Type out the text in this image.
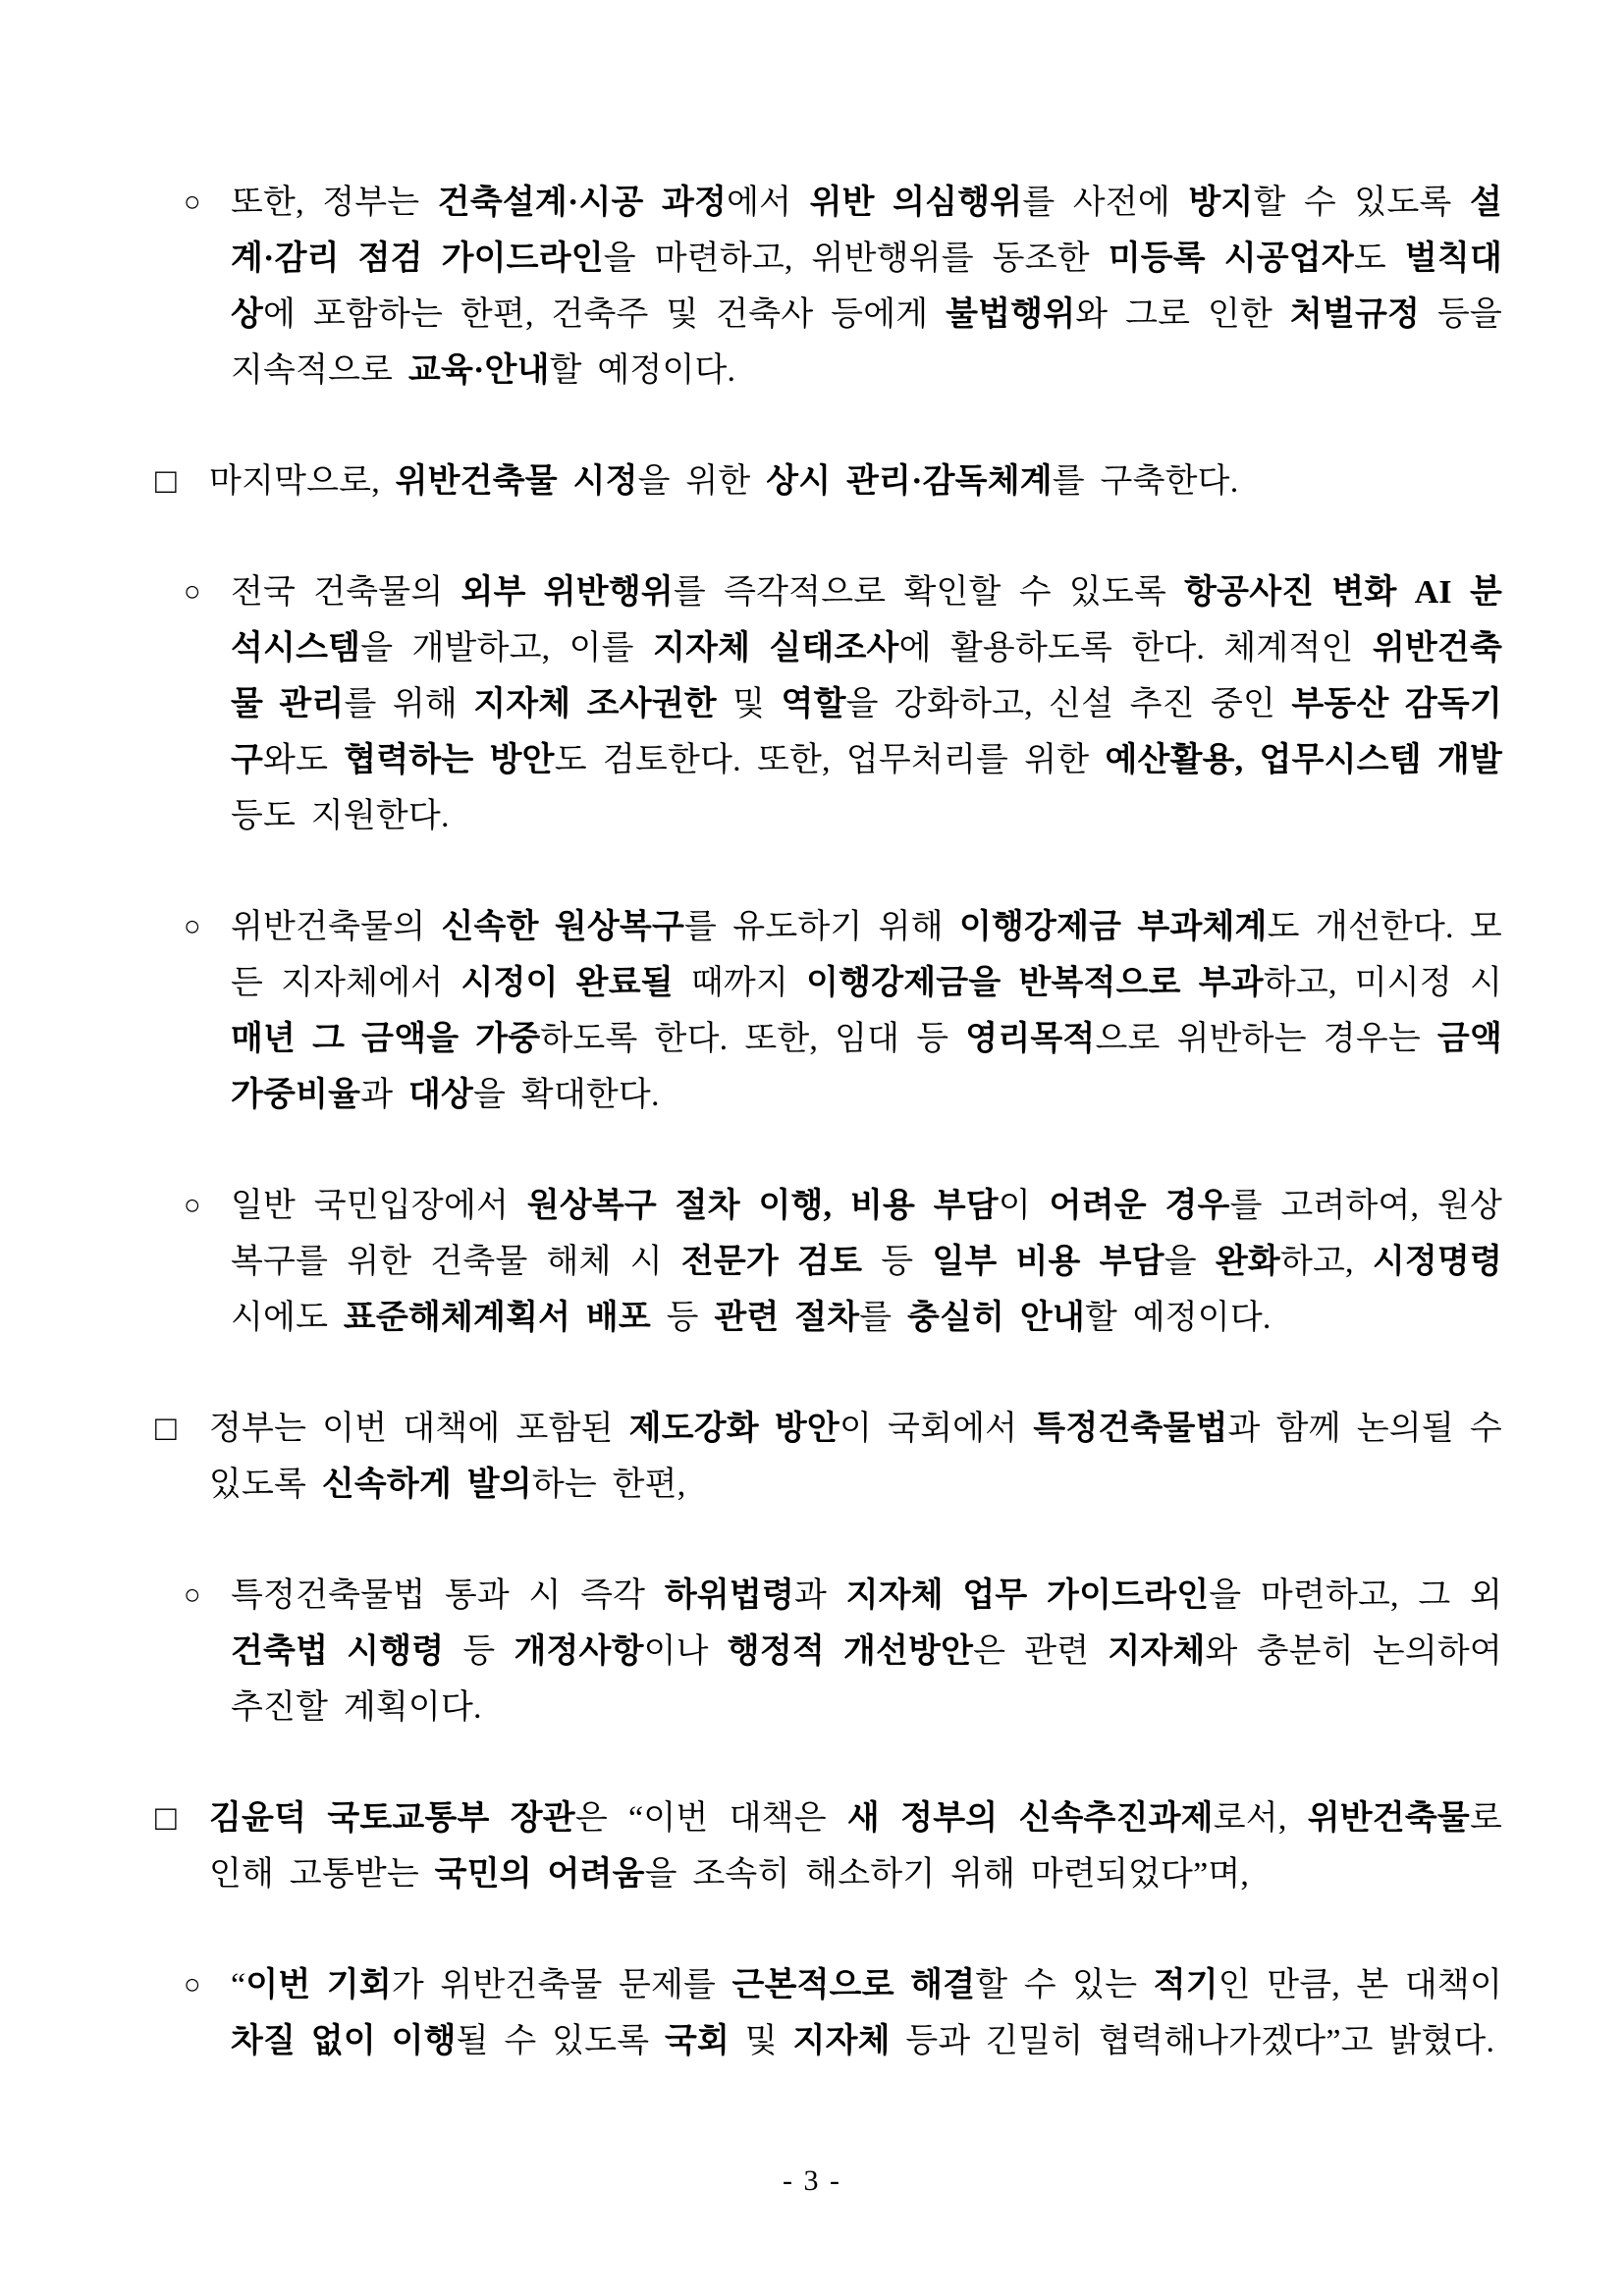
○ 또한, 정부는 건축설계·시공 과정에서 위반 의심행위를 사전에 방지할 수 있도록 설계·감리 점검 가이드라인을 마련하고, 위반행위를 동조한 미등록 시공업자도 벌칙대상에 포함하는 한편, 건축주 및 건축사 등에게 불법행위와 그로 인한 처벌규정 등을 지속적으로 교육·안내할 예정이다.
□ 마지막으로, 위반건축물 시정을 위한 상시 관리·감독체계를 구축한다.
○ 전국 건축물의 외부 위반행위를 즉각적으로 확인할 수 있도록 항공사진 변화 AI 분석시스템을 개발하고, 이를 지자체 실태조사에 활용하도록 한다. 체계적인 위반건축물 관리를 위해 지자체 조사권한 및 역할을 강화하고, 신설 추진 중인 부동산 감독기구와도 협력하는 방안도 검토한다. 또한, 업무처리를 위한 예산활용, 업무시스템 개발 등도 지원한다.
○ 위반건축물의 신속한 원상복구를 유도하기 위해 이행강제금 부과체계도 개선한다. 모든 지자체에서 시정이 완료될 때까지 이행강제금을 반복적으로 부과하고, 미시정 시 매년 그 금액을 가중하도록 한다. 또한, 임대 등 영리목적으로 위반하는 경우는 금액 가중비율과 대상을 확대한다.
○ 일반 국민입장에서 원상복구 절차 이행, 비용 부담이 어려운 경우를 고려하여, 원상복구를 위한 건축물 해체 시 전문가 검토 등 일부 비용 부담을 완화하고, 시정명령 시에도 표준해체계획서 배포 등 관련 절차를 충실히 안내할 예정이다.
□ 정부는 이번 대책에 포함된 제도강화 방안이 국회에서 특정건축물법과 함께 논의될 수 있도록 신속하게 발의하는 한편,
○ 특정건축물법 통과 시 즉각 하위법령과 지자체 업무 가이드라인을 마련하고, 그 외 건축법 시행령 등 개정사항이나 행정적 개선방안은 관련 지자체와 충분히 논의하여 추진할 계획이다.
□ 김윤덕 국토교통부 장관은 “이번 대책은 새 정부의 신속추진과제로서, 위반건축물로 인해 고통받는 국민의 어려움을 조속히 해소하기 위해 마련되었다”며,
○ “이번 기회가 위반건축물 문제를 근본적으로 해결할 수 있는 적기인 만큼, 본 대책이 차질 없이 이행될 수 있도록 국회 및 지자체 등과 긴밀히 협력해나가겠다”고 밝혔다.
- 3 -
